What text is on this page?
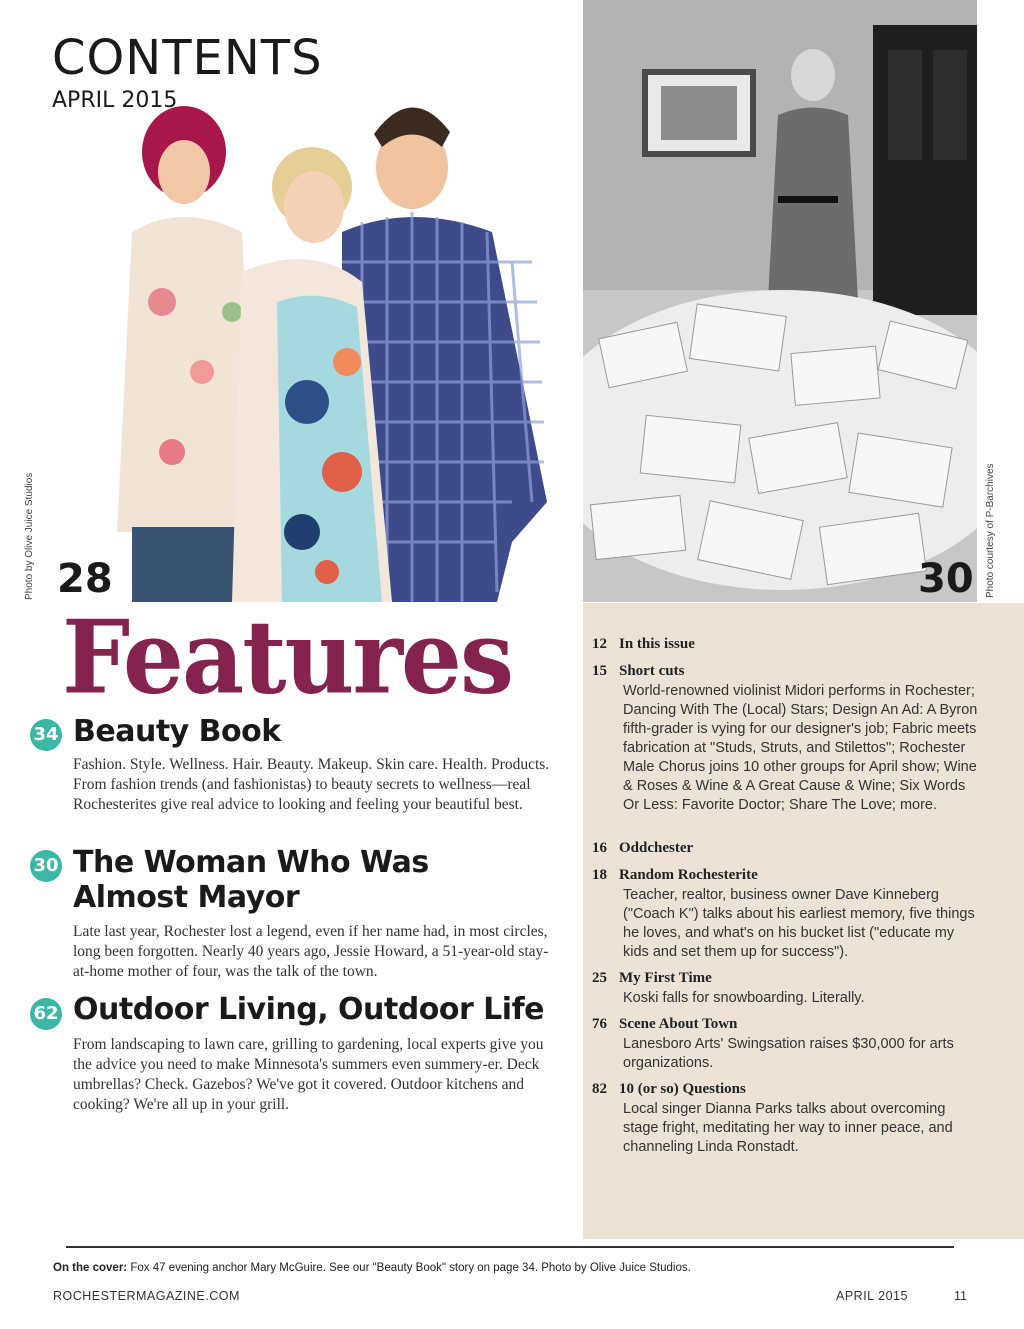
CONTENTS
APRIL 2015
Photo by Olive Juice Studios	Photo courtesy of P-Barchives
28	30
Features
34 Beauty Book
Fashion. Style. Wellness. Hair. Beauty. Makeup. Skin care. Health. Products. From fashion trends (and fashionistas) to beauty secrets to wellness—real Rochesterites give real advice to looking and feeling your beautiful best.
30 The Woman Who Was
Almost Mayor
Late last year, Rochester lost a legend, even if her name had, in most circles, long been forgotten. Nearly 40 years ago, Jessie Howard, a 51-year-old stay-at-home mother of four, was the talk of the town.
62 Outdoor Living, Outdoor Life
From landscaping to lawn care, grilling to gardening, local experts give you the advice you need to make Minnesota's summers even summery-er. Deck umbrellas? Check. Gazebos? We've got it covered. Outdoor kitchens and cooking? We're all up in your grill.
12 In this issue
15 Short cuts
World-renowned violinist Midori performs in Rochester; Dancing With The (Local) Stars; Design An Ad: A Byron fifth-grader is vying for our designer's job; Fabric meets fabrication at "Studs, Struts, and Stilettos"; Rochester Male Chorus joins 10 other groups for April show; Wine & Roses & Wine & A Great Cause & Wine; Six Words Or Less: Favorite Doctor; Share The Love; more.
16 Oddchester
18 Random Rochesterite
Teacher, realtor, business owner Dave Kinneberg ("Coach K") talks about his earliest memory, five things he loves, and what's on his bucket list ("educate my kids and set them up for success").
25 My First Time
Koski falls for snowboarding. Literally.
76 Scene About Town
Lanesboro Arts' Swingsation raises $30,000 for arts organizations.
82 10 (or so) Questions
Local singer Dianna Parks talks about overcoming stage fright, meditating her way to inner peace, and channeling Linda Ronstadt.
On the cover: Fox 47 evening anchor Mary McGuire. See our "Beauty Book" story on page 34. Photo by Olive Juice Studios.
ROCHESTERMAGAZINE.COM	APRIL 2015	11
